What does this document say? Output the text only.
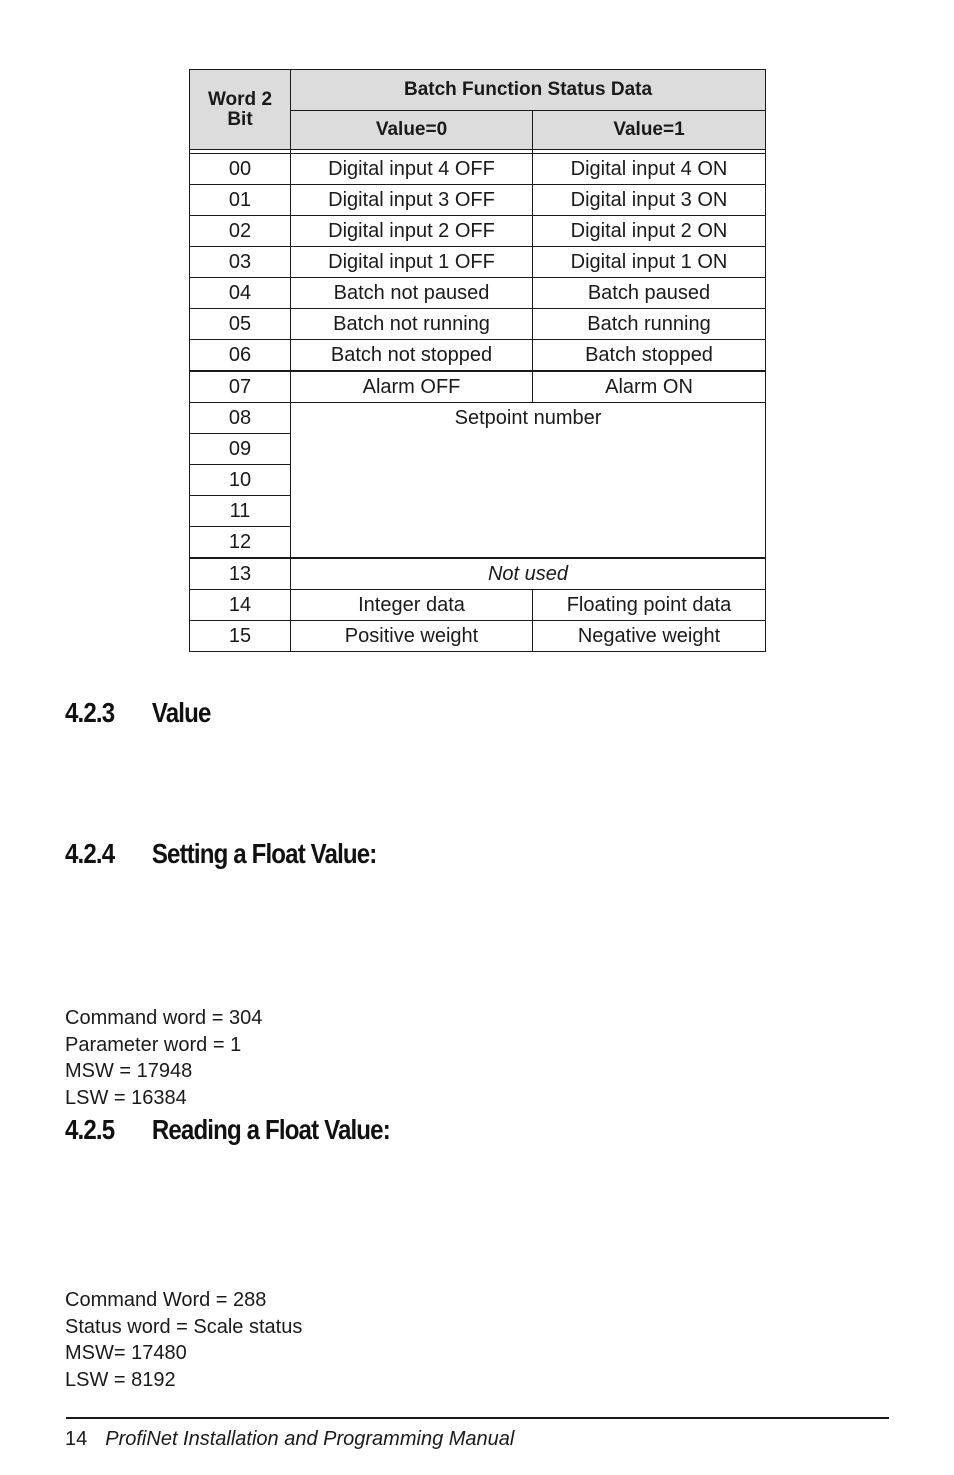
Word 2
Bit	Batch Function Status Data	
	Value=0	Value=1

00	Digital input 4 OFF	Digital input 4 ON
01	Digital input 3 OFF	Digital input 3 ON
02	Digital input 2 OFF	Digital input 2 ON
03	Digital input 1 OFF	Digital input 1 ON
04	Batch not paused	Batch paused
05	Batch not running	Batch running
06	Batch not stopped	Batch stopped
07	Alarm OFF	Alarm ON
08	Setpoint number	
09		
10		
11		
12		
13	Not used	
14	Integer data	Floating point data
15	Positive weight	Negative weight
4.2.3 Value
4.2.4 Setting a Float Value:
Command word = 304
Parameter word = 1
MSW = 17948
LSW = 16384
4.2.5 Reading a Float Value:
Command Word = 288
Status word = Scale status
MSW= 17480
LSW = 8192
14 ProfiNet Installation and Programming Manual
